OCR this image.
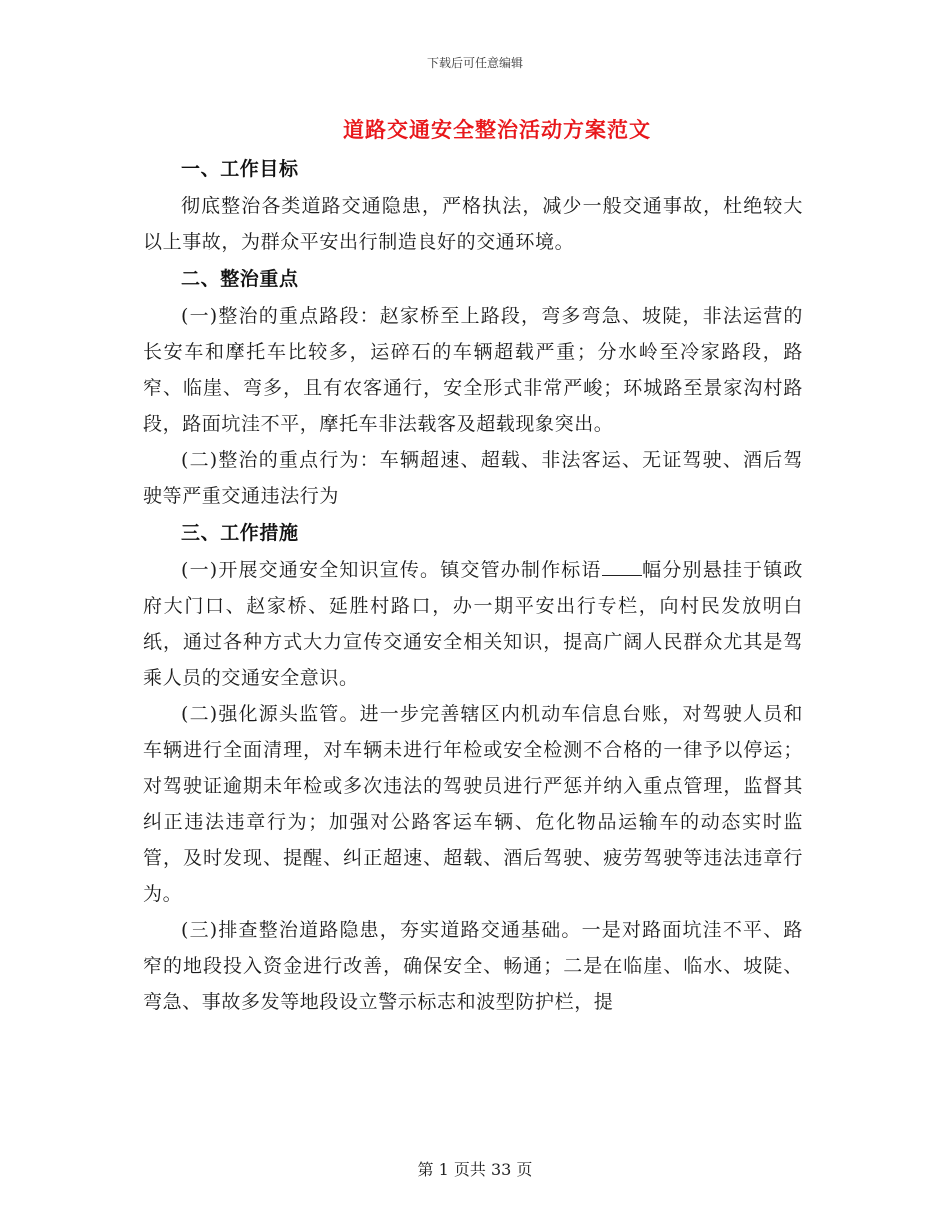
下载后可任意编辑
道路交通安全整治活动方案范文
一、工作目标

彻底整治各类道路交通隐患，严格执法，减少一般交通事故，杜绝较大以上事故，为群众平安出行制造良好的交通环境。

二、整治重点

(一)整治的重点路段：赵家桥至上路段，弯多弯急、坡陡，非法运营的长安车和摩托车比较多，运碎石的车辆超载严重；分水岭至冷家路段，路窄、临崖、弯多，且有农客通行，安全形式非常严峻；环城路至景家沟村路段，路面坑洼不平，摩托车非法载客及超载现象突出。

(二)整治的重点行为：车辆超速、超载、非法客运、无证驾驶、酒后驾驶等严重交通违法行为

三、工作措施

(一)开展交通安全知识宣传。镇交管办制作标语 幅分别悬挂于镇政府大门口、赵家桥、延胜村路口，办一期平安出行专栏，向村民发放明白纸，通过各种方式大力宣传交通安全相关知识，提高广阔人民群众尤其是驾乘人员的交通安全意识。

(二)强化源头监管。进一步完善辖区内机动车信息台账，对驾驶人员和车辆进行全面清理，对车辆未进行年检或安全检测不合格的一律予以停运；对驾驶证逾期未年检或多次违法的驾驶员进行严惩并纳入重点管理，监督其纠正违法违章行为；加强对公路客运车辆、危化物品运输车的动态实时监管，及时发现、提醒、纠正超速、超载、酒后驾驶、疲劳驾驶等违法违章行为。

(三)排查整治道路隐患，夯实道路交通基础。一是对路面坑洼不平、路窄的地段投入资金进行改善，确保安全、畅通；二是在临崖、临水、坡陡、弯急、事故多发等地段设立警示标志和波型防护栏，提

第 1 页共 33 页
